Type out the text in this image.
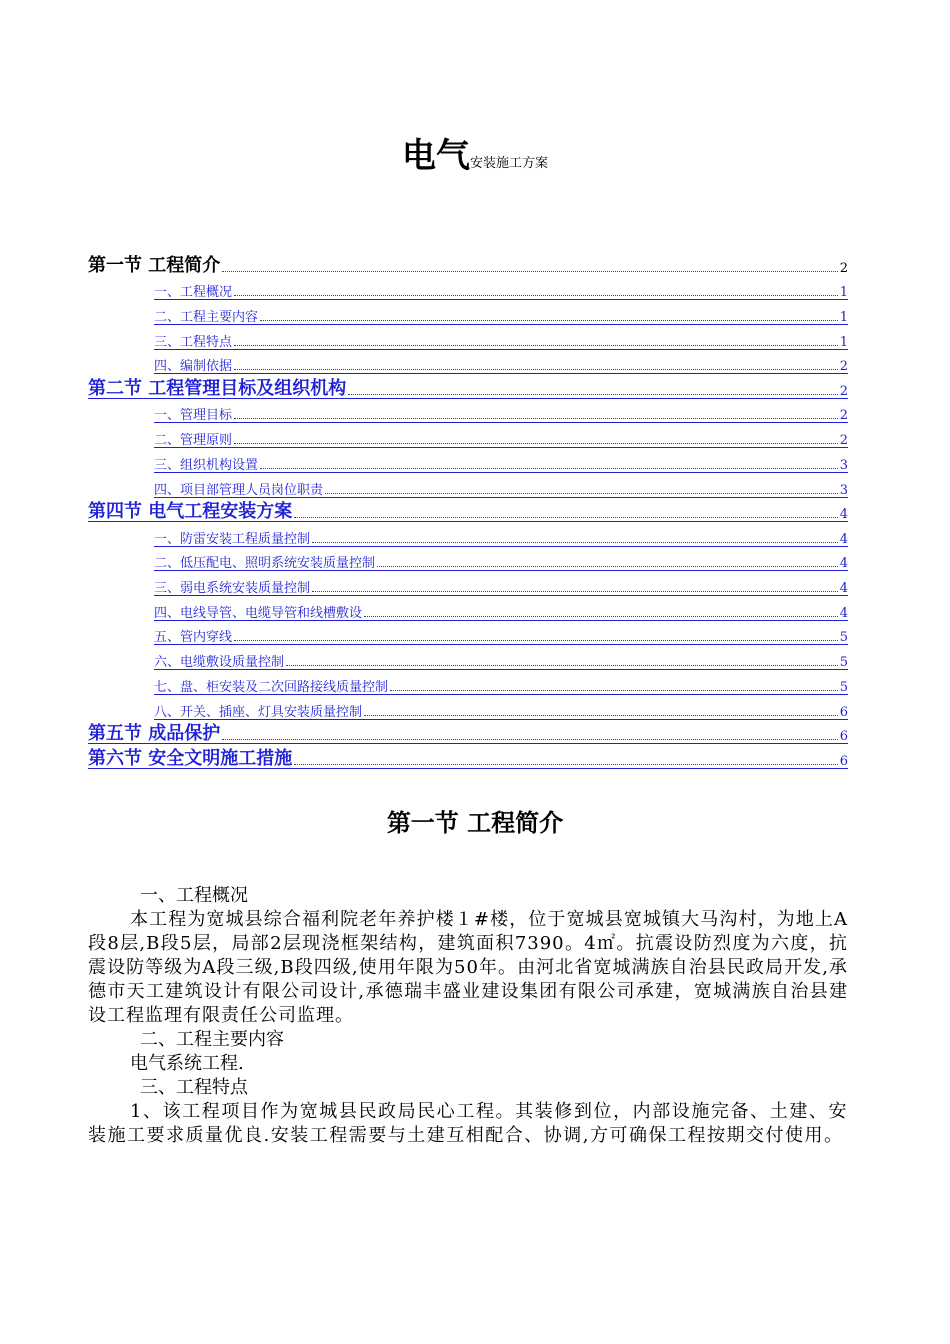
电气安装施工方案
第一节 工程简介	2
一、工程概况	1
二、工程主要内容	1
三、工程特点	1
四、编制依据	2
第二节 工程管理目标及组织机构	2
一、管理目标	2
二、管理原则	2
三、组织机构设置	3
四、项目部管理人员岗位职责	3
第四节 电气工程安装方案	4
一、防雷安装工程质量控制	4
二、低压配电、照明系统安装质量控制	4
三、弱电系统安装质量控制	4
四、电线导管、电缆导管和线槽敷设	4
五、管内穿线	5
六、电缆敷设质量控制	5
七、盘、柜安装及二次回路接线质量控制	5
八、开关、插座、灯具安装质量控制	6
第五节 成品保护	6
第六节 安全文明施工措施	6
第一节 工程简介

一、工程概况

本工程为宽城县综合福利院老年养护楼１#楼，位于宽城县宽城镇大马沟村，为地上A段8层,B段5层，局部2层现浇框架结构，建筑面积7390。4㎡。抗震设防烈度为六度，抗震设防等级为A段三级,B段四级,使用年限为50年。由河北省宽城满族自治县民政局开发,承德市天工建筑设计有限公司设计,承德瑞丰盛业建设集团有限公司承建，宽城满族自治县建设工程监理有限责任公司监理。

二、工程主要内容

电气系统工程.

三、工程特点

1、该工程项目作为宽城县民政局民心工程。其装修到位，内部设施完备、土建、安装施工要求质量优良.安装工程需要与土建互相配合、协调,方可确保工程按期交付使用。
